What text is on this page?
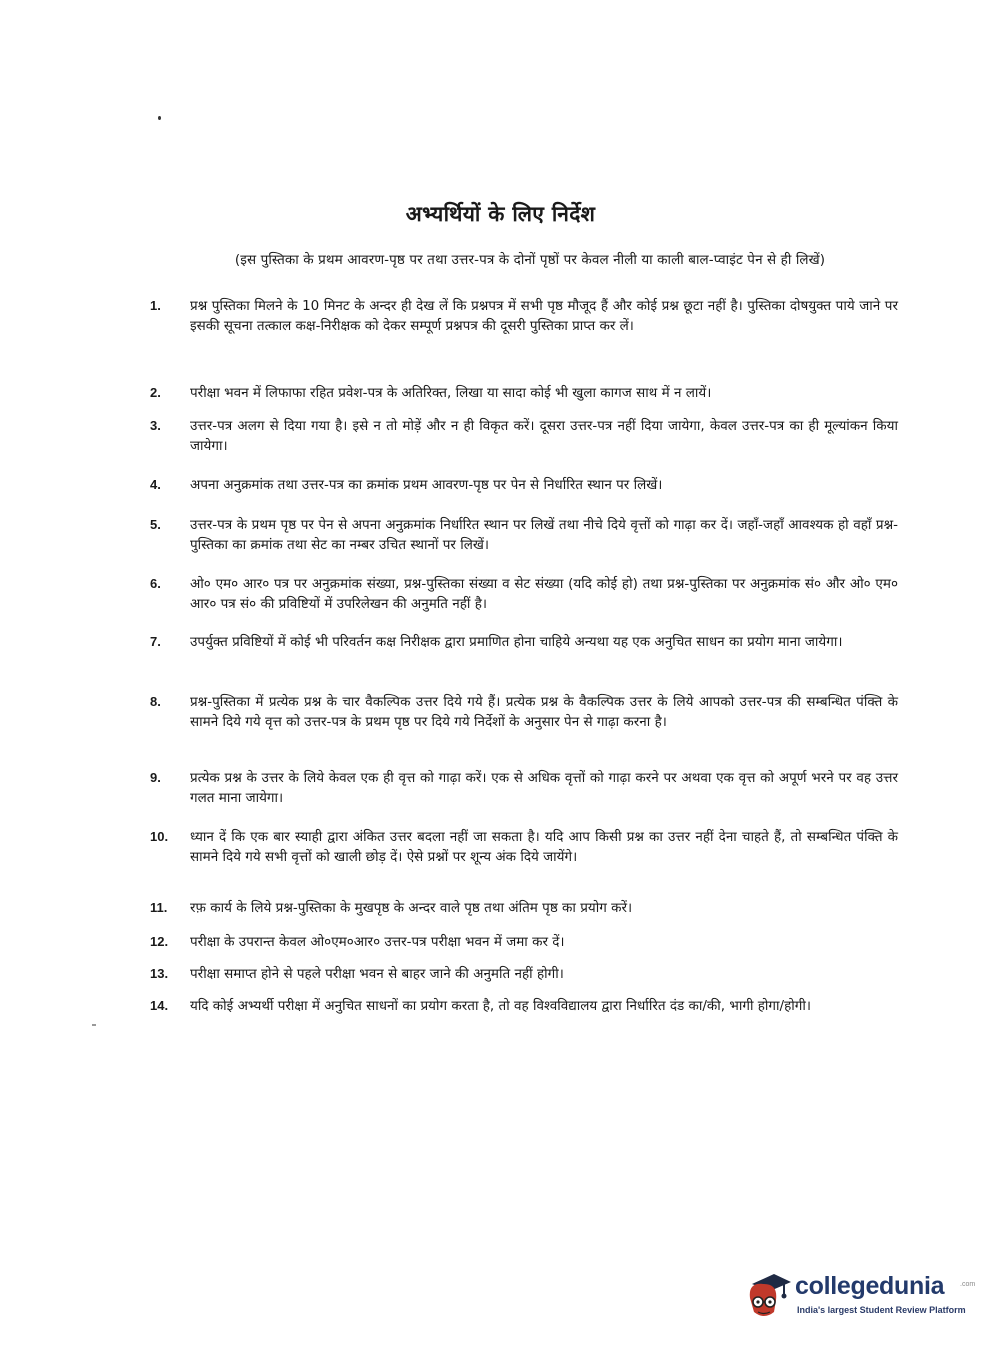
अभ्यर्थियों के लिए निर्देश
(इस पुस्तिका के प्रथम आवरण-पृष्ठ पर तथा उत्तर-पत्र के दोनों पृष्ठों पर केवल नीली या काली बाल-प्वाइंट पेन से ही लिखें)
1. प्रश्न पुस्तिका मिलने के 10 मिनट के अन्दर ही देख लें कि प्रश्नपत्र में सभी पृष्ठ मौजूद हैं और कोई प्रश्न छूटा नहीं है। पुस्तिका दोषयुक्त पाये जाने पर इसकी सूचना तत्काल कक्ष-निरीक्षक को देकर सम्पूर्ण प्रश्नपत्र की दूसरी पुस्तिका प्राप्त कर लें।
2. परीक्षा भवन में लिफाफा रहित प्रवेश-पत्र के अतिरिक्त, लिखा या सादा कोई भी खुला कागज साथ में न लायें।
3. उत्तर-पत्र अलग से दिया गया है। इसे न तो मोड़ें और न ही विकृत करें। दूसरा उत्तर-पत्र नहीं दिया जायेगा, केवल उत्तर-पत्र का ही मूल्यांकन किया जायेगा।
4. अपना अनुक्रमांक तथा उत्तर-पत्र का क्रमांक प्रथम आवरण-पृष्ठ पर पेन से निर्धारित स्थान पर लिखें।
5. उत्तर-पत्र के प्रथम पृष्ठ पर पेन से अपना अनुक्रमांक निर्धारित स्थान पर लिखें तथा नीचे दिये वृत्तों को गाढ़ा कर दें। जहाँ-जहाँ आवश्यक हो वहाँ प्रश्न-पुस्तिका का क्रमांक तथा सेट का नम्बर उचित स्थानों पर लिखें।
6. ओ० एम० आर० पत्र पर अनुक्रमांक संख्या, प्रश्न-पुस्तिका संख्या व सेट संख्या (यदि कोई हो) तथा प्रश्न-पुस्तिका पर अनुक्रमांक सं० और ओ० एम० आर० पत्र सं० की प्रविष्टियों में उपरिलेखन की अनुमति नहीं है।
7. उपर्युक्त प्रविष्टियों में कोई भी परिवर्तन कक्ष निरीक्षक द्वारा प्रमाणित होना चाहिये अन्यथा यह एक अनुचित साधन का प्रयोग माना जायेगा।
8. प्रश्न-पुस्तिका में प्रत्येक प्रश्न के चार वैकल्पिक उत्तर दिये गये हैं। प्रत्येक प्रश्न के वैकल्पिक उत्तर के लिये आपको उत्तर-पत्र की सम्बन्धित पंक्ति के सामने दिये गये वृत्त को उत्तर-पत्र के प्रथम पृष्ठ पर दिये गये निर्देशों के अनुसार पेन से गाढ़ा करना है।
9. प्रत्येक प्रश्न के उत्तर के लिये केवल एक ही वृत्त को गाढ़ा करें। एक से अधिक वृत्तों को गाढ़ा करने पर अथवा एक वृत्त को अपूर्ण भरने पर वह उत्तर गलत माना जायेगा।
10. ध्यान दें कि एक बार स्याही द्वारा अंकित उत्तर बदला नहीं जा सकता है। यदि आप किसी प्रश्न का उत्तर नहीं देना चाहते हैं, तो सम्बन्धित पंक्ति के सामने दिये गये सभी वृत्तों को खाली छोड़ दें। ऐसे प्रश्नों पर शून्य अंक दिये जायेंगे।
11. रफ़ कार्य के लिये प्रश्न-पुस्तिका के मुखपृष्ठ के अन्दर वाले पृष्ठ तथा अंतिम पृष्ठ का प्रयोग करें।
12. परीक्षा के उपरान्त केवल ओ०एम०आर० उत्तर-पत्र परीक्षा भवन में जमा कर दें।
13. परीक्षा समाप्त होने से पहले परीक्षा भवन से बाहर जाने की अनुमति नहीं होगी।
14. यदि कोई अभ्यर्थी परीक्षा में अनुचित साधनों का प्रयोग करता है, तो वह विश्वविद्यालय द्वारा निर्धारित दंड का/की, भागी होगा/होगी।
collegedunia .com
India's largest Student Review Platform
